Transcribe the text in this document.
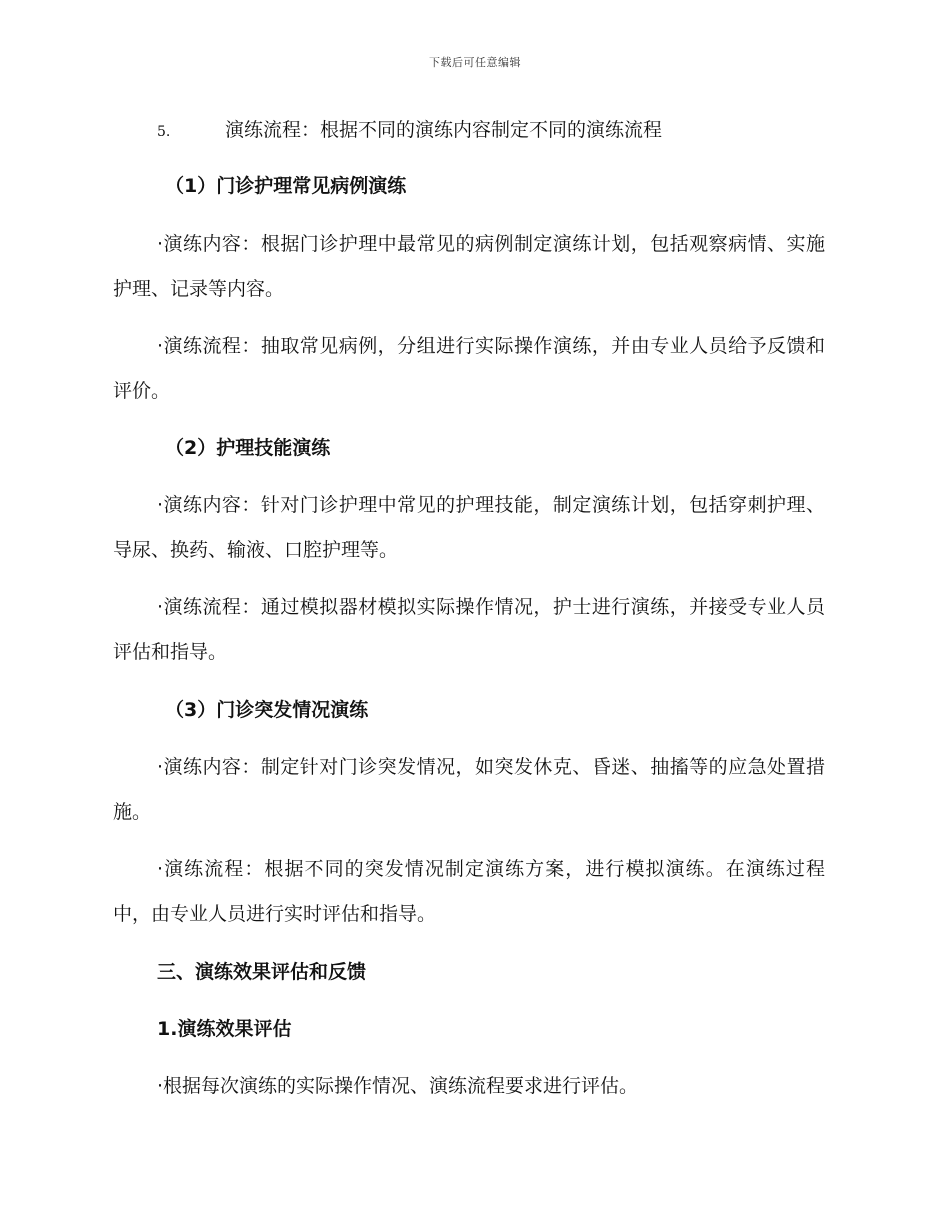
下载后可任意编辑
5.	演练流程：根据不同的演练内容制定不同的演练流程
（1）门诊护理常见病例演练
·演练内容：根据门诊护理中最常见的病例制定演练计划，包括观察病情、实施护理、记录等内容。
·演练流程：抽取常见病例，分组进行实际操作演练，并由专业人员给予反馈和评价。
（2）护理技能演练
·演练内容：针对门诊护理中常见的护理技能，制定演练计划，包括穿刺护理、导尿、换药、输液、口腔护理等。
·演练流程：通过模拟器材模拟实际操作情况，护士进行演练，并接受专业人员评估和指导。
（3）门诊突发情况演练
·演练内容：制定针对门诊突发情况，如突发休克、昏迷、抽搐等的应急处置措施。
·演练流程：根据不同的突发情况制定演练方案，进行模拟演练。在演练过程中，由专业人员进行实时评估和指导。
三、演练效果评估和反馈
1.演练效果评估
·根据每次演练的实际操作情况、演练流程要求进行评估。
